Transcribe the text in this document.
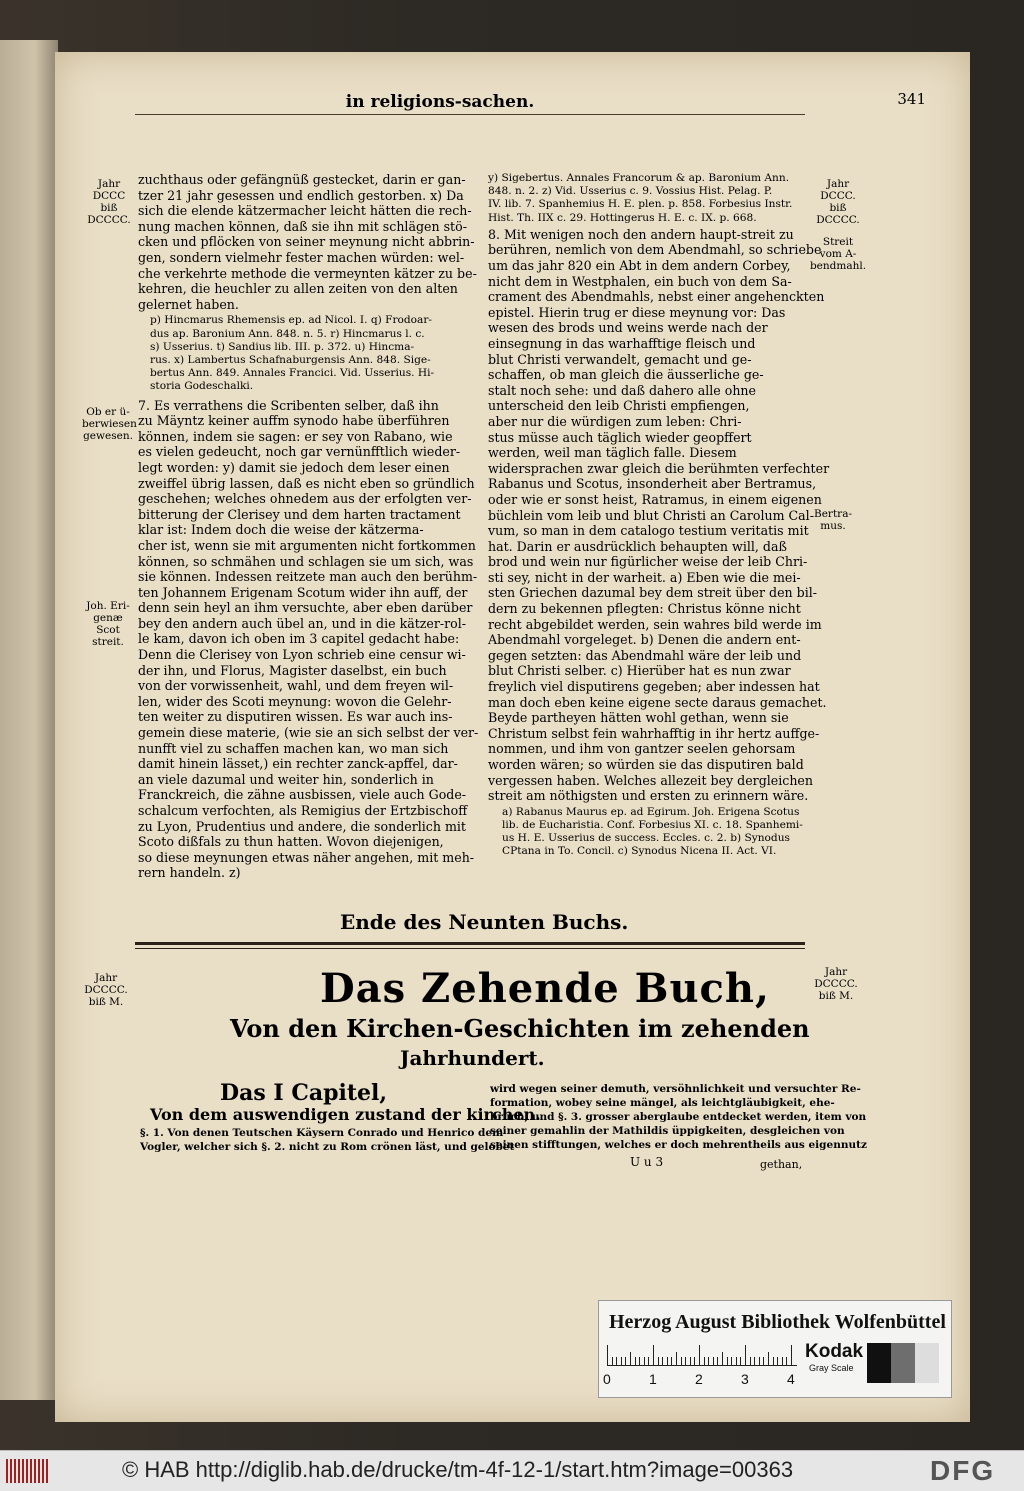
in religions-sachen.	341
Jahr
DCCC
biß
DCCCC.
Jahr
DCCC.
biß
DCCCC.
Streit
vom A-
bendmahl.
Ob er ü-
berwiesen
gewesen.
Joh. Eri-
genæ Scot
streit.
Bertra-
mus.
Jahr
DCCCC.
biß M.
Jahr
DCCCC.
biß M.
zuchthaus oder gefängnüß gestecket, darin er gan-
tzer 21 jahr gesessen und endlich gestorben. x) Da
sich die elende kätzermacher leicht hätten die rech-
nung machen können, daß sie ihn mit schlägen stö-
cken und pflöcken von seiner meynung nicht abbrin-
gen, sondern vielmehr fester machen würden: wel-
che verkehrte methode die vermeynten kätzer zu be-
kehren, die heuchler zu allen zeiten von den alten
gelernet haben.
p) Hincmarus Rhemensis ep. ad Nicol. I. q) Frodoar-
dus ap. Baronium Ann. 848. n. 5. r) Hincmarus l. c.
s) Usserius. t) Sandius lib. III. p. 372. u) Hincma-
rus. x) Lambertus Schafnaburgensis Ann. 848. Sige-
bertus Ann. 849. Annales Francici. Vid. Usserius. Hi-
storia Godeschalki.
7. Es verrathens die Scribenten selber, daß ihn
zu Mäyntz keiner auffm synodo habe überführen
können, indem sie sagen: er sey von Rabano, wie
es vielen gedeucht, noch gar vernünfftlich wieder-
legt worden: y) damit sie jedoch dem leser einen
zweiffel übrig lassen, daß es nicht eben so gründlich
geschehen; welches ohnedem aus der erfolgten ver-
bitterung der Clerisey und dem harten tractament
klar ist: Indem doch die weise der kätzerma-
cher ist, wenn sie mit argumenten nicht fortkommen
können, so schmähen und schlagen sie um sich, was
sie können. Indessen reitzete man auch den berühm-
ten Johannem Erigenam Scotum wider ihn auff, der
denn sein heyl an ihm versuchte, aber eben darüber
bey den andern auch übel an, und in die kätzer-rol-
le kam, davon ich oben im 3 capitel gedacht habe:
Denn die Clerisey von Lyon schrieb eine censur wi-
der ihn, und Florus, Magister daselbst, ein buch
von der vorwissenheit, wahl, und dem freyen wil-
len, wider des Scoti meynung: wovon die Gelehr-
ten weiter zu disputiren wissen. Es war auch ins-
gemein diese materie, (wie sie an sich selbst der ver-
nunfft viel zu schaffen machen kan, wo man sich
damit hinein lässet,) ein rechter zanck-apffel, dar-
an viele dazumal und weiter hin, sonderlich in
Franckreich, die zähne ausbissen, viele auch Gode-
schalcum verfochten, als Remigius der Ertzbischoff
zu Lyon, Prudentius und andere, die sonderlich mit
Scoto dißfals zu thun hatten. Wovon diejenigen,
so diese meynungen etwas näher angehen, mit meh-
rern handeln. z)
y) Sigebertus. Annales Francorum & ap. Baronium Ann.
848. n. 2. z) Vid. Usserius c. 9. Vossius Hist. Pelag. P.
IV. lib. 7. Spanhemius H. E. plen. p. 858. Forbesius Instr.
Hist. Th. IIX c. 29. Hottingerus H. E. c. IX. p. 668.
8. Mit wenigen noch den andern haupt-streit zu
berühren, nemlich von dem Abendmahl, so schriebe
um das jahr 820 ein Abt in dem andern Corbey,
nicht dem in Westphalen, ein buch von dem Sa-
crament des Abendmahls, nebst einer angehenckten
epistel. Hierin trug er diese meynung vor: Das
wesen des brods und weins werde nach der
einsegnung in das warhafftige fleisch und
blut Christi verwandelt, gemacht und ge-
schaffen, ob man gleich die äusserliche ge-
stalt noch sehe: und daß dahero alle ohne
unterscheid den leib Christi empfiengen,
aber nur die würdigen zum leben: Chri-
stus müsse auch täglich wieder geopffert
werden, weil man täglich falle. Diesem
widersprachen zwar gleich die berühmten verfechter
Rabanus und Scotus, insonderheit aber Bertramus,
oder wie er sonst heist, Ratramus, in einem eigenen
büchlein vom leib und blut Christi an Carolum Cal-
vum, so man in dem catalogo testium veritatis mit
hat. Darin er ausdrücklich behaupten will, daß
brod und wein nur figürlicher weise der leib Chri-
sti sey, nicht in der warheit. a) Eben wie die mei-
sten Griechen dazumal bey dem streit über den bil-
dern zu bekennen pflegten: Christus könne nicht
recht abgebildet werden, sein wahres bild werde im
Abendmahl vorgeleget. b) Denen die andern ent-
gegen setzten: das Abendmahl wäre der leib und
blut Christi selber. c) Hierüber hat es nun zwar
freylich viel disputirens gegeben; aber indessen hat
man doch eben keine eigene secte daraus gemachet.
Beyde partheyen hätten wohl gethan, wenn sie
Christum selbst fein wahrhafftig in ihr hertz auffge-
nommen, und ihm von gantzer seelen gehorsam
worden wären; so würden sie das disputiren bald
vergessen haben. Welches allezeit bey dergleichen
streit am nöthigsten und ersten zu erinnern wäre.
a) Rabanus Maurus ep. ad Egirum. Joh. Erigena Scotus
lib. de Eucharistia. Conf. Forbesius XI. c. 18. Spanhemi-
us H. E. Usserius de success. Eccles. c. 2. b) Synodus
CPtana in To. Concil. c) Synodus Nicena II. Act. VI.
Ende des Neunten Buchs.
Das Zehende Buch,
Von den Kirchen-Geschichten im zehenden
Jahrhundert.
Das I Capitel,
Von dem auswendigen zustand der kirchen.
§. 1. Von denen Teutschen Käysern Conrado und Henrico dem
Vogler, welcher sich §. 2. nicht zu Rom crönen läst, und gelobet
wird wegen seiner demuth, versöhnlichkeit und versuchter Re-
formation, wobey seine mängel, als leichtgläubigkeit, ehe-
bruch, und §. 3. grosser aberglaube entdecket werden, item von
seiner gemahlin der Mathildis üppigkeiten, desgleichen von
seinen stifftungen, welches er doch mehrentheils aus eigennutz
U u 3	gethan,
Herzog August Bibliothek Wolfenbüttel
Kodak
Gray Scale
0	1	2	3	4
© HAB http://diglib.hab.de/drucke/tm-4f-12-1/start.htm?image=00363	DFG
